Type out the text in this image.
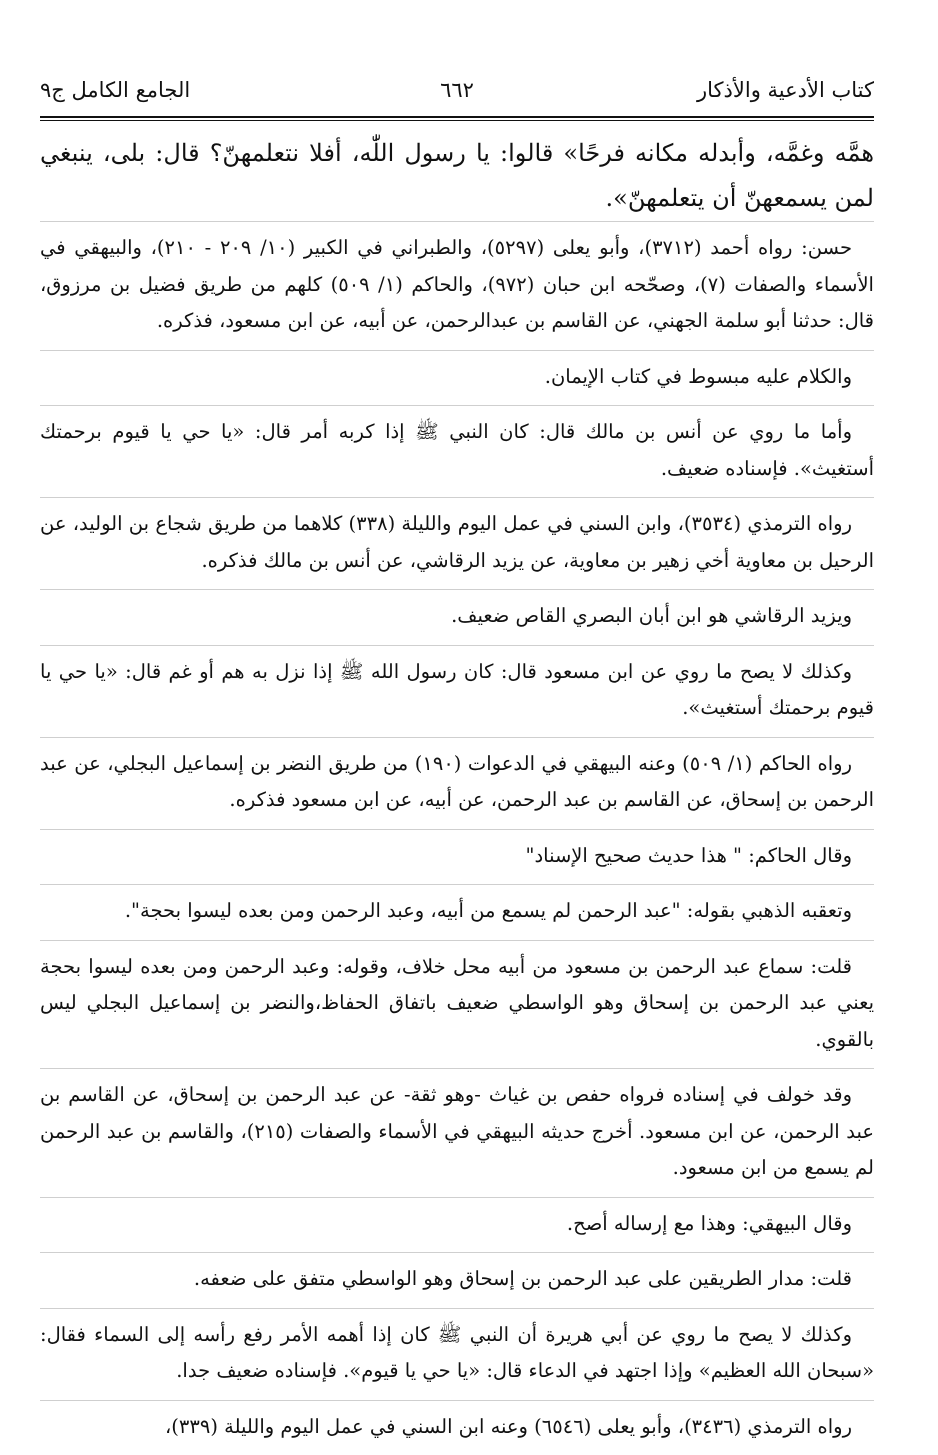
كتاب الأدعية والأذكار
٦٦٢
الجامع الكامل ج٩

همَّه وغمَّه، وأبدله مكانه فرحًا» قالوا: يا رسول اللّٰه، أفلا نتعلمهنّ؟ قال: بلى، ينبغي لمن يسمعهنّ أن يتعلمهنّ».

حسن: رواه أحمد (٣٧١٢)، وأبو يعلى (٥٢٩٧)، والطبراني في الكبير (١٠/ ٢٠٩ - ٢١٠)، والبيهقي في الأسماء والصفات (٧)، وصحّحه ابن حبان (٩٧٢)، والحاكم (١/ ٥٠٩) كلهم من طريق فضيل بن مرزوق، قال: حدثنا أبو سلمة الجهني، عن القاسم بن عبدالرحمن، عن أبيه، عن ابن مسعود، فذكره.

والكلام عليه مبسوط في كتاب الإيمان.

وأما ما روي عن أنس بن مالك قال: كان النبي ﷺ إذا كربه أمر قال: «يا حي يا قيوم برحمتك أستغيث». فإسناده ضعيف.

رواه الترمذي (٣٥٣٤)، وابن السني في عمل اليوم والليلة (٣٣٨) كلاهما من طريق شجاع بن الوليد، عن الرحيل بن معاوية أخي زهير بن معاوية، عن يزيد الرقاشي، عن أنس بن مالك فذكره.

ويزيد الرقاشي هو ابن أبان البصري القاص ضعيف.

وكذلك لا يصح ما روي عن ابن مسعود قال: كان رسول الله ﷺ إذا نزل به هم أو غم قال: «يا حي يا قيوم برحمتك أستغيث».

رواه الحاكم (١/ ٥٠٩) وعنه البيهقي في الدعوات (١٩٠) من طريق النضر بن إسماعيل البجلي، عن عبد الرحمن بن إسحاق، عن القاسم بن عبد الرحمن، عن أبيه، عن ابن مسعود فذكره.

وقال الحاكم: " هذا حديث صحيح الإسناد"

وتعقبه الذهبي بقوله: "عبد الرحمن لم يسمع من أبيه، وعبد الرحمن ومن بعده ليسوا بحجة".

قلت: سماع عبد الرحمن بن مسعود من أبيه محل خلاف، وقوله: وعبد الرحمن ومن بعده ليسوا بحجة يعني عبد الرحمن بن إسحاق وهو الواسطي ضعيف باتفاق الحفاظ،والنضر بن إسماعيل البجلي ليس بالقوي.

وقد خولف في إسناده فرواه حفص بن غياث -وهو ثقة- عن عبد الرحمن بن إسحاق، عن القاسم بن عبد الرحمن، عن ابن مسعود. أخرج حديثه البيهقي في الأسماء والصفات (٢١٥)، والقاسم بن عبد الرحمن لم يسمع من ابن مسعود.

وقال البيهقي: وهذا مع إرساله أصح.

قلت: مدار الطريقين على عبد الرحمن بن إسحاق وهو الواسطي متفق على ضعفه.

وكذلك لا يصح ما روي عن أبي هريرة أن النبي ﷺ كان إذا أهمه الأمر رفع رأسه إلى السماء فقال: «سبحان الله العظيم» وإذا اجتهد في الدعاء قال: «يا حي يا قيوم». فإسناده ضعيف جدا.

رواه الترمذي (٣٤٣٦)، وأبو يعلى (٦٥٤٦) وعنه ابن السني في عمل اليوم والليلة (٣٣٩)،
